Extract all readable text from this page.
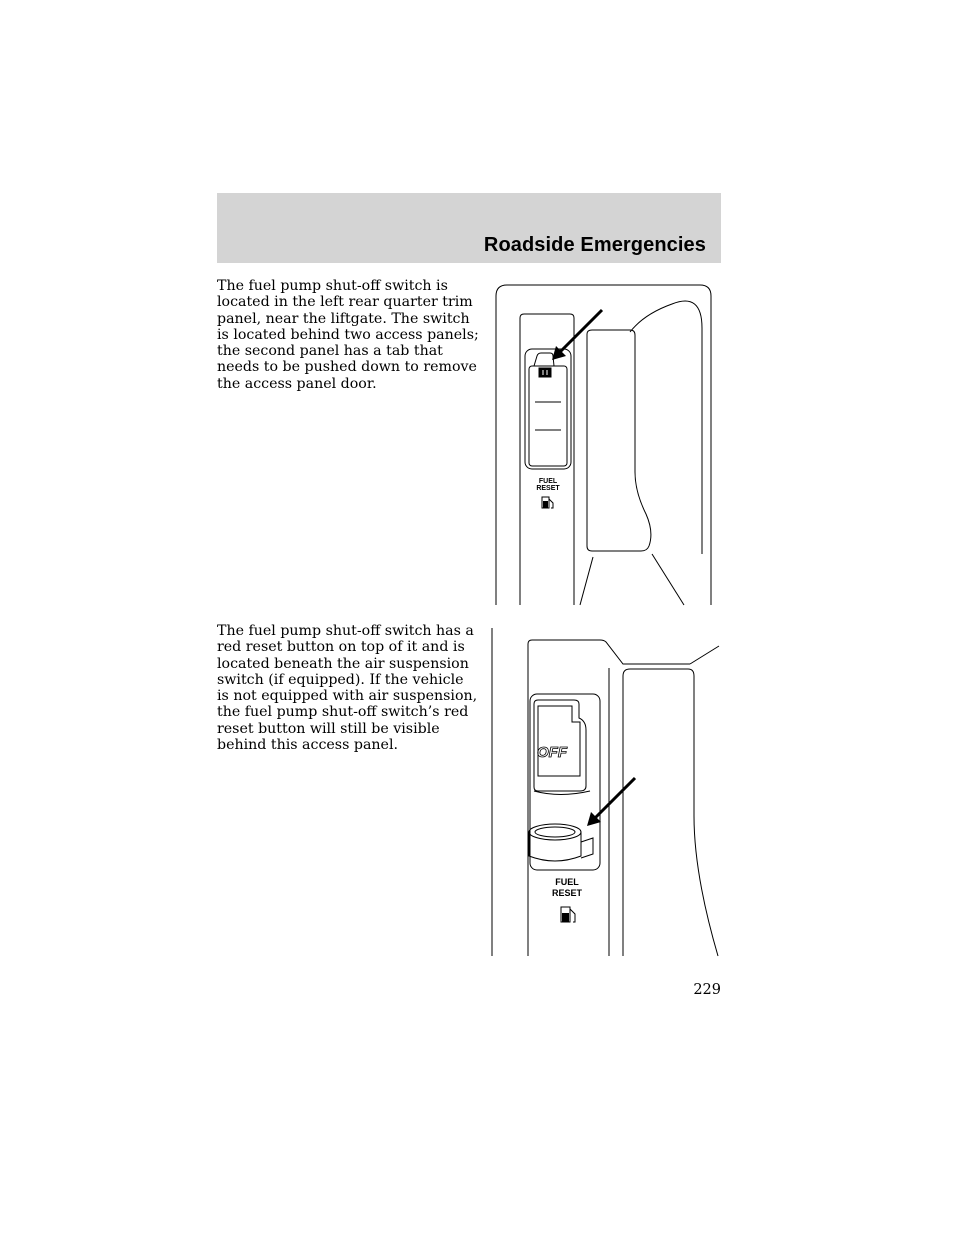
Roadside Emergencies

The fuel pump shut-off switch is located in the left rear quarter trim panel, near the liftgate. The switch is located behind two access panels; the second panel has a tab that needs to be pushed down to remove the access panel door.

The fuel pump shut-off switch has a red reset button on top of it and is located beneath the air suspension switch (if equipped). If the vehicle is not equipped with air suspension, the fuel pump shut-off switch’s red reset button will still be visible behind this access panel.

FUEL
RESET
OFF
FUEL
RESET
229
